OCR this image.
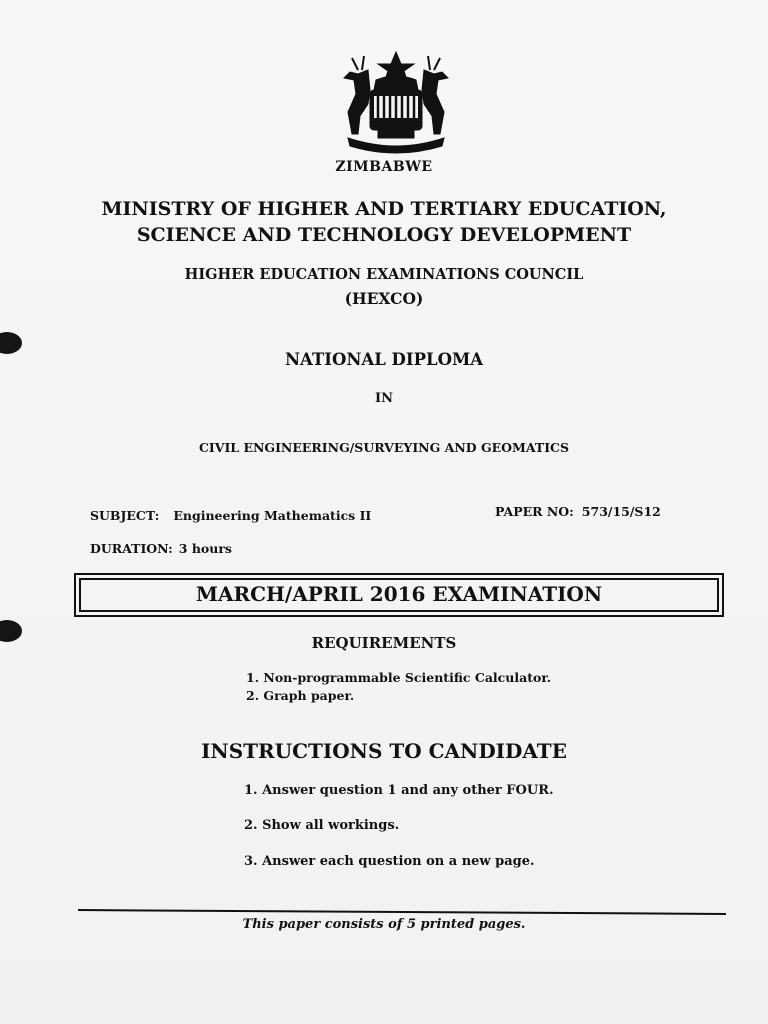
ZIMBABWE
MINISTRY OF HIGHER AND TERTIARY EDUCATION,
SCIENCE AND TECHNOLOGY DEVELOPMENT
HIGHER EDUCATION EXAMINATIONS COUNCIL
(HEXCO)
NATIONAL DIPLOMA
IN
CIVIL ENGINEERING/SURVEYING AND GEOMATICS
SUBJECT: Engineering Mathematics II	PAPER NO: 573/15/S12
DURATION: 3 hours
MARCH/APRIL 2016 EXAMINATION
REQUIREMENTS
1. Non-programmable Scientific Calculator.
2. Graph paper.
INSTRUCTIONS TO CANDIDATE
1. Answer question 1 and any other FOUR.
2. Show all workings.
3. Answer each question on a new page.
This paper consists of 5 printed pages.
